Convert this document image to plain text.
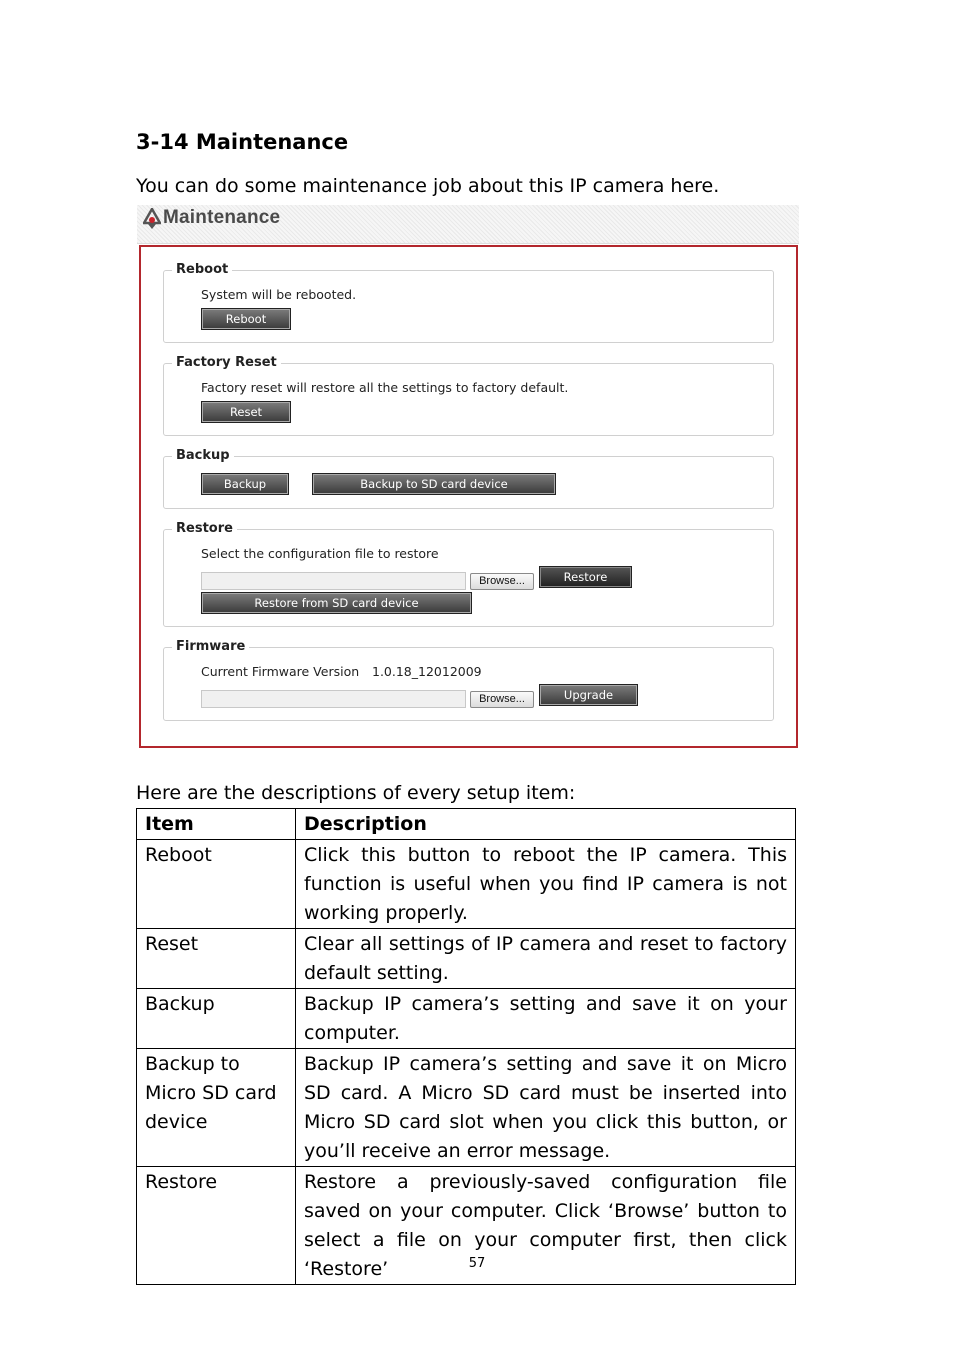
3-14 Maintenance
You can do some maintenance job about this IP camera here.
Maintenance
Reboot
System will be rebooted.
Reboot
Factory Reset
Factory reset will restore all the settings to factory default.
Reset
Backup
Backup	Backup to SD card device
Restore
Select the configuration file to restore
Browse...	Restore
Restore from SD card device
Firmware
Current Firmware Version 1.0.18_12012009
Browse...	Upgrade
Here are the descriptions of every setup item:
Item	Description
Reboot	Click this button to reboot the IP camera. This function is useful when you find IP camera is not working properly.
Reset	Clear all settings of IP camera and reset to factory default setting.
Backup	Backup IP camera’s setting and save it on your computer.
Backup to Micro SD card device	Backup IP camera’s setting and save it on Micro SD card. A Micro SD card must be inserted into Micro SD card slot when you click this button, or you’ll receive an error message.
Restore	Restore a previously-saved configuration file saved on your computer. Click ‘Browse’ button to select a file on your computer first, then click ‘Restore’	57
